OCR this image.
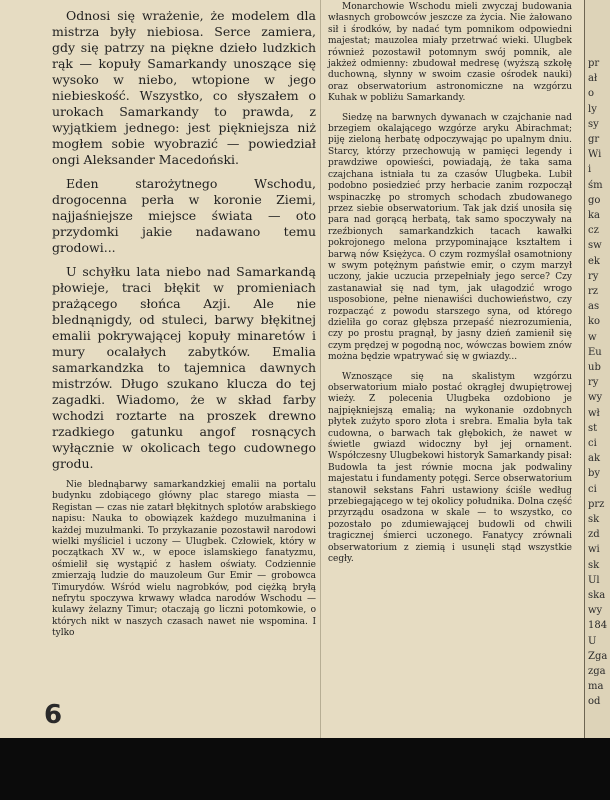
Odnosi się wrażenie, że modelem dla mistrza były niebiosa. Serce zamiera, gdy się patrzy na piękne dzieło ludzkich rąk — kopuły Samarkandy unoszące się wysoko w niebo, wtopione w jego niebieskość. Wszystko, co słyszałem o urokach Samarkandy to prawda, z wyjątkiem jednego: jest piękniejsza niż mogłem sobie wyobrazić — powiedział ongi Aleksander Macedoński.

Eden starożytnego Wschodu, drogocenna perła w koronie Ziemi, najjaśniejsze miejsce świata — oto przydomki jakie nadawano temu grodowi...

U schyłku lata niebo nad Samarkandą płowieje, traci błękit w promieniach prażącego słońca Azji. Ale nie blednąnigdy, od stuleci, barwy błękitnej emalii pokrywającej kopuły minaretów i mury ocalałych zabytków. Emalia samarkandzka to tajemnica dawnych mistrzów. Długo szukano klucza do tej zagadki. Wiadomo, że w skład farby wchodzi roztarte na proszek drewno rzadkiego gatunku angof rosnących wyłącznie w okolicach tego cudownego grodu.

Nie blednąbarwy samarkandzkiej emalii na portalu budynku zdobiącego główny plac starego miasta — Registan — czas nie zatarł błękitnych splotów arabskiego napisu: Nauka to obowiązek każdego muzułmanina i każdej muzułmanki. To przykazanie pozostawił narodowi wielki myśliciel i uczony — Ulugbek. Człowiek, który w początkach XV w., w epoce islamskiego fanatyzmu, ośmielił się wystąpić z hasłem oświaty. Codziennie zmierzają ludzie do mauzoleum Gur Emir — grobowca Timurydów. Wśród wielu nagrobków, pod ciężką bryłą nefrytu spoczywa krwawy władca narodów Wschodu — kulawy żelazny Timur; otaczają go liczni potomkowie, o których nikt w naszych czasach nawet nie wspomina. I tylko

Monarchowie Wschodu mieli zwyczaj budowania własnych grobowców jeszcze za życia. Nie żałowano sił i środków, by nadać tym pomnikom odpowiedni majestat; mauzolea miały przetrwać wieki. Ulugbek również pozostawił potomnym swój pomnik, ale jakżeż odmienny: zbudował medresę (wyższą szkołę duchowną, słynny w swoim czasie ośrodek nauki) oraz obserwatorium astronomiczne na wzgórzu Kuhak w pobliżu Samarkandy.

Siedzę na barwnych dywanach w czajchanie nad brzegiem okalającego wzgórze aryku Abirachmat; piję zieloną herbatę odpoczywając po upalnym dniu. Starcy, którzy przechowują w pamięci legendy i prawdziwe opowieści, powiadają, że taka sama czajchana istniała tu za czasów Ulugbeka. Lubił podobno posiedzieć przy herbacie zanim rozpoczął wspinaczkę po stromych schodach zbudowanego przez siebie obserwatorium. Tak jak dziś unosiła się para nad gorącą herbatą, tak samo spoczywały na rzeźbionych samarkandzkich tacach kawałki pokrojonego melona przypominające kształtem i barwą nów Księżyca. O czym rozmyślał osamotniony w swym potężnym państwie emir, o czym marzył uczony, jakie uczucia przepełniały jego serce? Czy zastanawiał się nad tym, jak ułagodzić wrogo usposobione, pełne nienawiści duchowieństwo, czy rozpacząć z powodu starszego syna, od którego dzieliła go coraz głębsza przepaść niezrozumienia, czy po prostu pragnął, by jasny dzień zamienił się czym prędzej w pogodną noc, wówczas bowiem znów można będzie wpatrywać się w gwiazdy...

Wznoszące się na skalistym wzgórzu obserwatorium miało postać okrągłej dwupiętrowej wieży. Z polecenia Ulugbeka ozdobiono je najpiękniejszą emalią; na wykonanie ozdobnych płytek zużyto sporo złota i srebra. Emalia była tak cudowna, o barwach tak głębokich, że nawet w świetle gwiazd widoczny był jej ornament. Współczesny Ulugbekowi historyk Samarkandy pisał: Budowla ta jest równie mocna jak podwaliny majestatu i fundamenty potęgi. Serce obserwatorium stanowił sekstans Fahri ustawiony ściśle według przebiegającego w tej okolicy południka. Dolna część przyrządu osadzona w skale — to wszystko, co pozostało po zdumiewającej budowli od chwili tragicznej śmierci uczonego. Fanatycy zrównali obserwatorium z ziemią i usunęli stąd wszystkie cegły.

6
pr
ał
o
ly
sy
gr
Wi
i
śm
go
ka
cz
sw
ek
ry
rz
as
ko
w
Eu
ub
ry
wy
wł
st
ci
ak
by
ci
prz
sk
zd
wi
sk
Ul
ska
wy
184
U
Zga
zga
ma
od
